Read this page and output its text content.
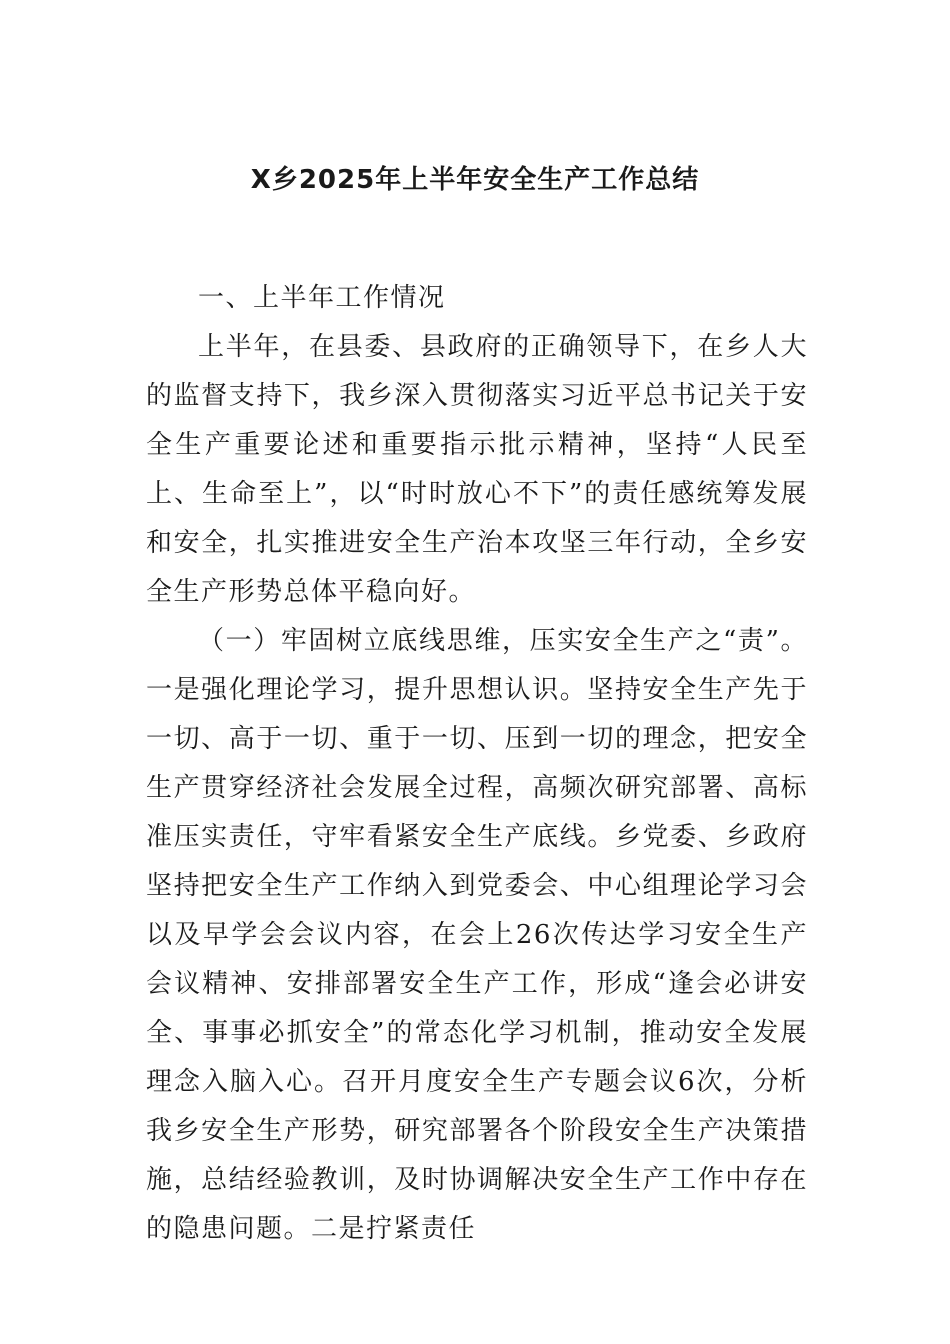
X乡2025年上半年安全生产工作总结

一、上半年工作情况

上半年，在县委、县政府的正确领导下，在乡人大的监督支持下，我乡深入贯彻落实习近平总书记关于安全生产重要论述和重要指示批示精神，坚持“人民至上、生命至上”，以“时时放心不下”的责任感统筹发展和安全，扎实推进安全生产治本攻坚三年行动，全乡安全生产形势总体平稳向好。

（一）牢固树立底线思维，压实安全生产之“责”。一是强化理论学习，提升思想认识。坚持安全生产先于一切、高于一切、重于一切、压到一切的理念，把安全生产贯穿经济社会发展全过程，高频次研究部署、高标准压实责任，守牢看紧安全生产底线。乡党委、乡政府坚持把安全生产工作纳入到党委会、中心组理论学习会以及早学会会议内容，在会上26次传达学习安全生产会议精神、安排部署安全生产工作，形成“逢会必讲安全、事事必抓安全”的常态化学习机制，推动安全发展理念入脑入心。召开月度安全生产专题会议6次，分析我乡安全生产形势，研究部署各个阶段安全生产决策措施，总结经验教训，及时协调解决安全生产工作中存在的隐患问题。二是拧紧责任
